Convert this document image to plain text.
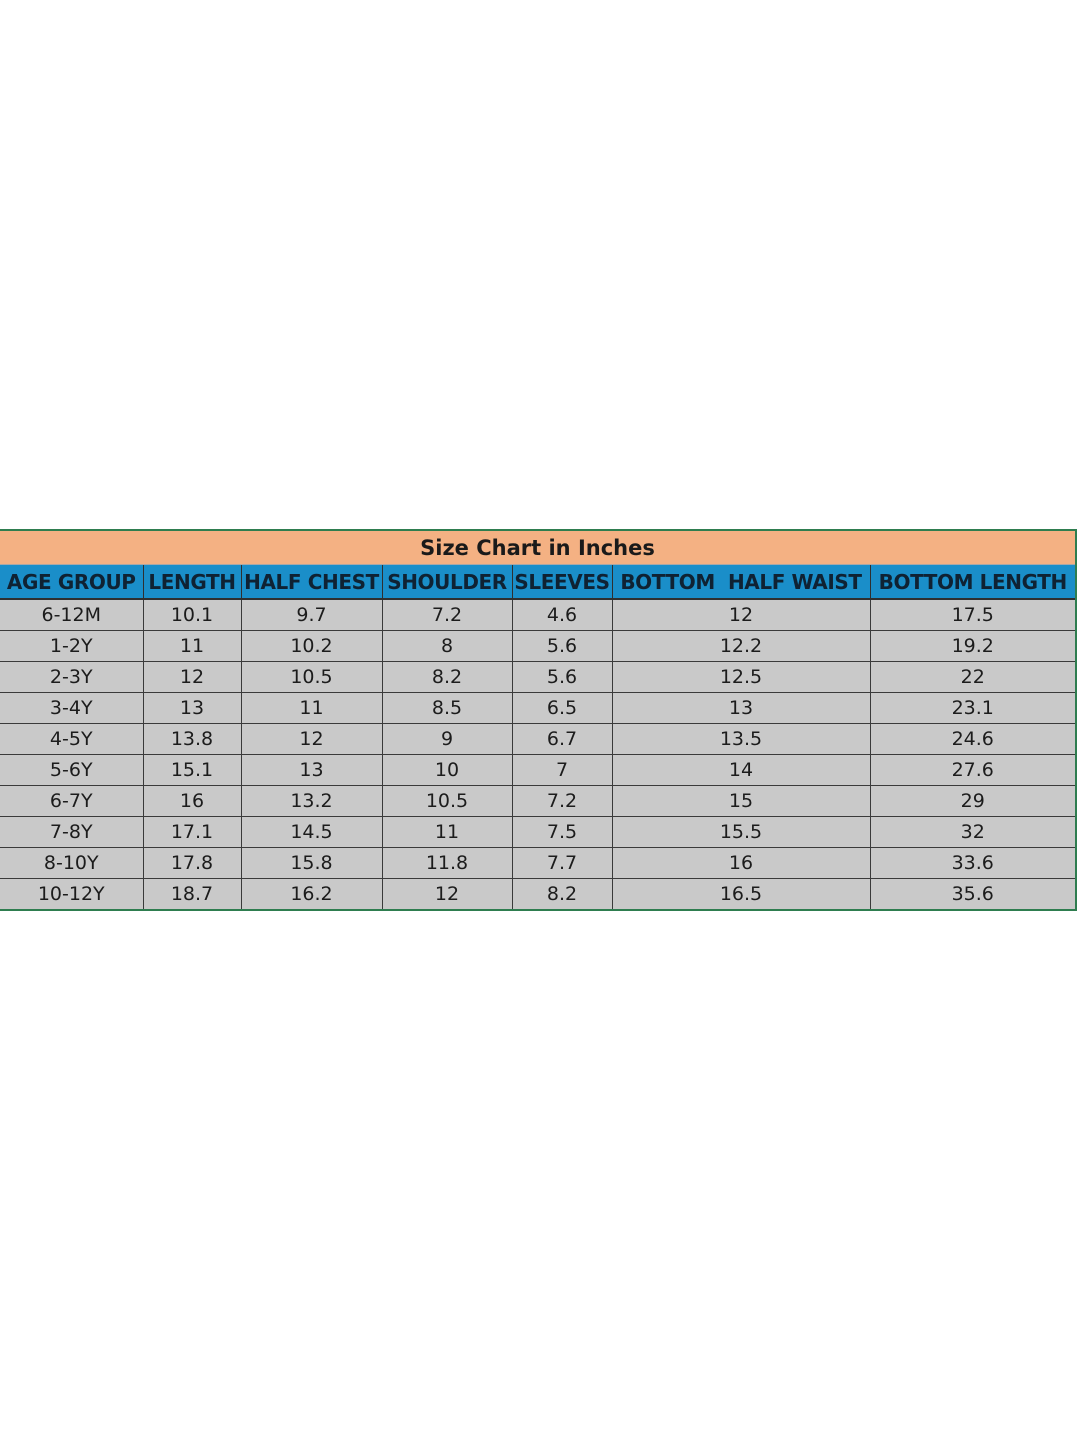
Size Chart in Inches
AGE GROUP	LENGTH	HALF CHEST	SHOULDER	SLEEVES	BOTTOM  HALF WAIST	BOTTOM LENGTH
6-12M	10.1	9.7	7.2	4.6	12	17.5
1-2Y	11	10.2	8	5.6	12.2	19.2
2-3Y	12	10.5	8.2	5.6	12.5	22
3-4Y	13	11	8.5	6.5	13	23.1
4-5Y	13.8	12	9	6.7	13.5	24.6
5-6Y	15.1	13	10	7	14	27.6
6-7Y	16	13.2	10.5	7.2	15	29
7-8Y	17.1	14.5	11	7.5	15.5	32
8-10Y	17.8	15.8	11.8	7.7	16	33.6
10-12Y	18.7	16.2	12	8.2	16.5	35.6
